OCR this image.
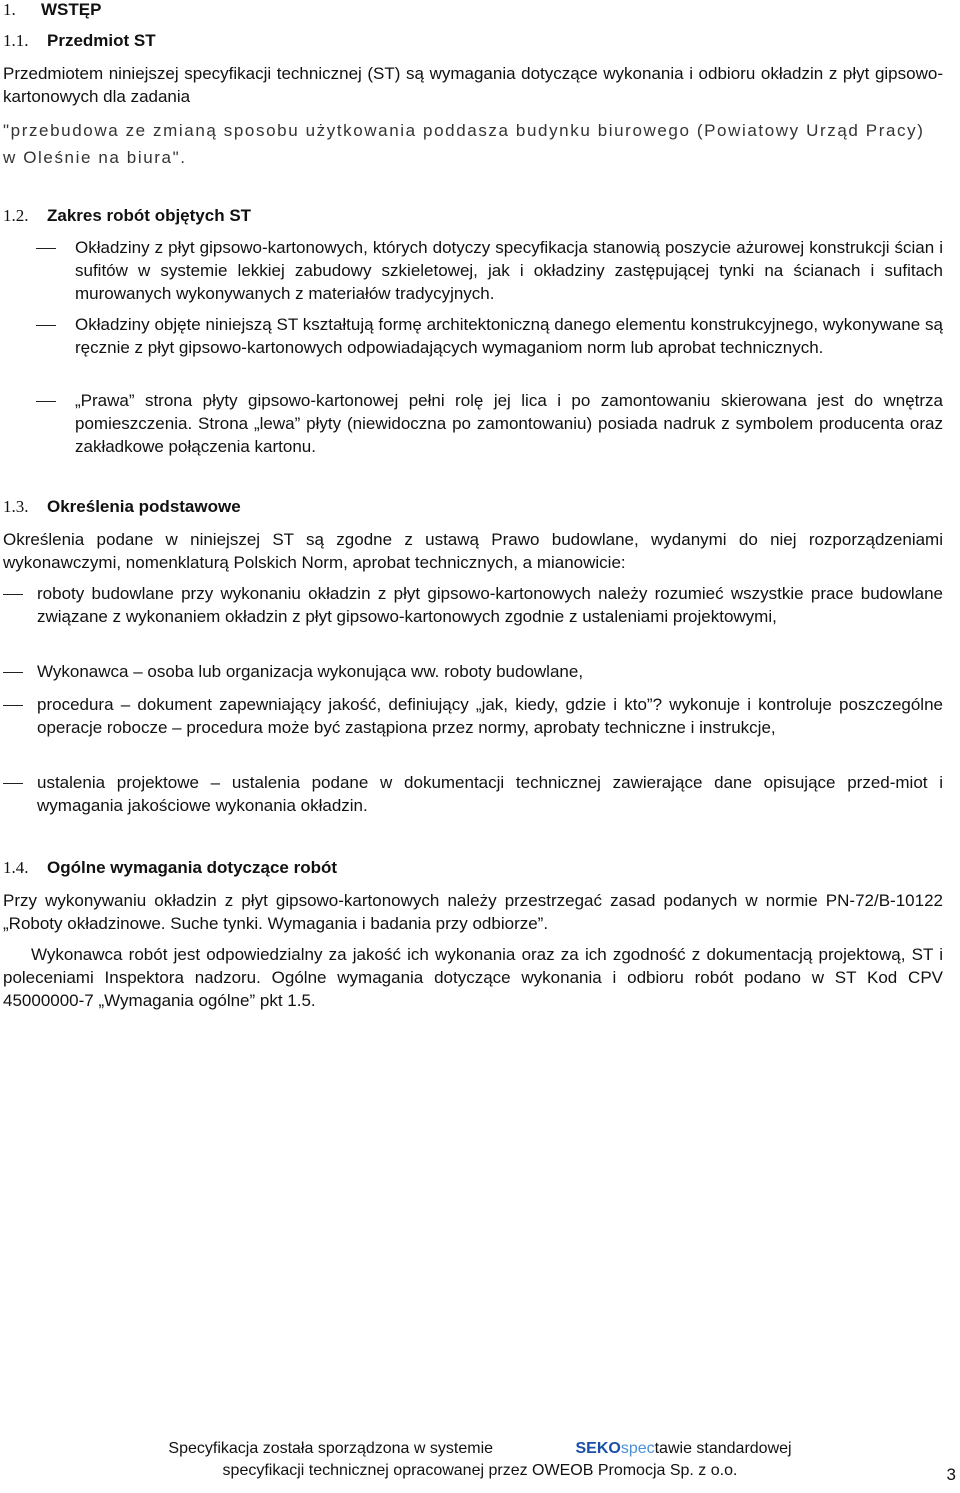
1. WSTĘP
1.1. Przedmiot ST
Przedmiotem niniejszej specyfikacji technicznej (ST) są wymagania dotyczące wykonania i odbioru okładzin z płyt gipsowo-kartonowych dla zadania
"przebudowa ze zmianą sposobu użytkowania poddasza budynku biurowego (Powiatowy Urząd Pracy) w Oleśnie na biura".
1.2. Zakres robót objętych ST
Okładziny z płyt gipsowo-kartonowych, których dotyczy specyfikacja stanowią poszycie ażurowej konstrukcji ścian i sufitów w systemie lekkiej zabudowy szkieletowej, jak i okładziny zastępującej tynki na ścianach i sufitach murowanych wykonywanych z materiałów tradycyjnych.
Okładziny objęte niniejszą ST kształtują formę architektoniczną danego elementu konstrukcyjnego, wykonywane są ręcznie z płyt gipsowo-kartonowych odpowiadających wymaganiom norm lub aprobat technicznych.
„Prawa” strona płyty gipsowo-kartonowej pełni rolę jej lica i po zamontowaniu skierowana jest do wnętrza pomieszczenia. Strona „lewa” płyty (niewidoczna po zamontowaniu) posiada nadruk z symbolem producenta oraz zakładkowe połączenia kartonu.
1.3. Określenia podstawowe
Określenia podane w niniejszej ST są zgodne z ustawą Prawo budowlane, wydanymi do niej rozporządzeniami wykonawczymi, nomenklaturą Polskich Norm, aprobat technicznych, a mianowicie:
roboty budowlane przy wykonaniu okładzin z płyt gipsowo-kartonowych należy rozumieć wszystkie prace budowlane związane z wykonaniem okładzin z płyt gipsowo-kartonowych zgodnie z ustaleniami projektowymi,
Wykonawca – osoba lub organizacja wykonująca ww. roboty budowlane,
procedura – dokument zapewniający jakość, definiujący „jak, kiedy, gdzie i kto”? wykonuje i kontroluje poszczególne operacje robocze – procedura może być zastąpiona przez normy, aprobaty techniczne i instrukcje,
ustalenia projektowe – ustalenia podane w dokumentacji technicznej zawierające dane opisujące przed-miot i wymagania jakościowe wykonania okładzin.
1.4. Ogólne wymagania dotyczące robót
Przy wykonywaniu okładzin z płyt gipsowo-kartonowych należy przestrzegać zasad podanych w normie PN-72/B-10122 „Roboty okładzinowe. Suche tynki. Wymagania i badania przy odbiorze”.
Wykonawca robót jest odpowiedzialny za jakość ich wykonania oraz za ich zgodność z dokumentacją projektową, ST i poleceniami Inspektora nadzoru. Ogólne wymagania dotyczące wykonania i odbioru robót podano w ST Kod CPV 45000000-7 „Wymagania ogólne” pkt 1.5.
Specyfikacja została sporządzona w systemie	SEKOspectawie standardowej
specyfikacji technicznej opracowanej przez OWEOB Promocja Sp. z o.o.	3
